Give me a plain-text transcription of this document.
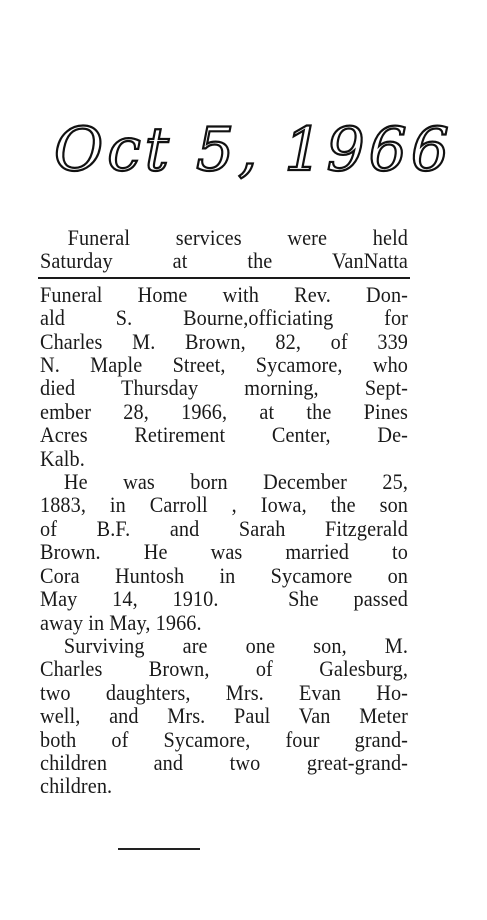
Oct 5, 1966
Funeral services were held
Saturday   at   the   VanNatta
Funeral Home with Rev. Don-
ald S. Bourne,officiating for
Charles M. Brown, 82, of 339
N. Maple Street, Sycamore, who
died Thursday morning, Sept-
ember 28, 1966, at the Pines
Acres Retirement Center, De-
Kalb.
He was born December 25,
1883, in Carroll , Iowa, the son
of B.F. and Sarah Fitzgerald
Brown. He was married to
Cora Huntosh in Sycamore on
May 14, 1910.  She passed
away in May, 1966.
Surviving are one son, M.
Charles Brown, of Galesburg,
two daughters, Mrs. Evan Ho-
well, and Mrs. Paul Van Meter
both of Sycamore, four grand-
children and two great-grand-
children.
